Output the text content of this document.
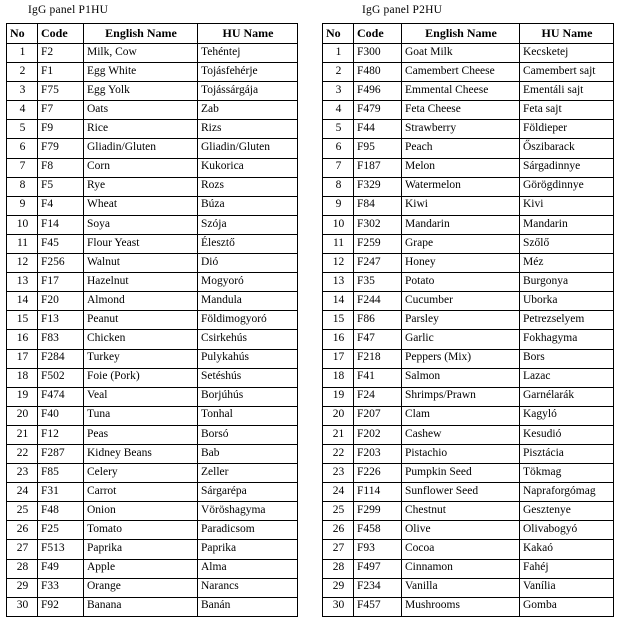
IgG panel P1HU
No	Code	English Name	HU Name
1	F2	Milk, Cow	Tehéntej
2	F1	Egg White	Tojásfehérje
3	F75	Egg Yolk	Tojássárgája
4	F7	Oats	Zab
5	F9	Rice	Rizs
6	F79	Gliadin/Gluten	Gliadin/Gluten
7	F8	Corn	Kukorica
8	F5	Rye	Rozs
9	F4	Wheat	Búza
10	F14	Soya	Szója
11	F45	Flour Yeast	Élesztő
12	F256	Walnut	Dió
13	F17	Hazelnut	Mogyoró
14	F20	Almond	Mandula
15	F13	Peanut	Földimogyoró
16	F83	Chicken	Csirkehús
17	F284	Turkey	Pulykahús
18	F502	Foie (Pork)	Setéshús
19	F474	Veal	Borjúhús
20	F40	Tuna	Tonhal
21	F12	Peas	Borsó
22	F287	Kidney Beans	Bab
23	F85	Celery	Zeller
24	F31	Carrot	Sárgarépa
25	F48	Onion	Vöröshagyma
26	F25	Tomato	Paradicsom
27	F513	Paprika	Paprika
28	F49	Apple	Alma
29	F33	Orange	Narancs
30	F92	Banana	Banán
IgG panel P2HU
No	Code	English Name	HU Name
1	F300	Goat Milk	Kecsketej
2	F480	Camembert Cheese	Camembert sajt
3	F496	Emmental Cheese	Ementáli sajt
4	F479	Feta Cheese	Feta sajt
5	F44	Strawberry	Földieper
6	F95	Peach	Őszibarack
7	F187	Melon	Sárgadinnye
8	F329	Watermelon	Görögdinnye
9	F84	Kiwi	Kivi
10	F302	Mandarin	Mandarin
11	F259	Grape	Szőlő
12	F247	Honey	Méz
13	F35	Potato	Burgonya
14	F244	Cucumber	Uborka
15	F86	Parsley	Petrezselyem
16	F47	Garlic	Fokhagyma
17	F218	Peppers (Mix)	Bors
18	F41	Salmon	Lazac
19	F24	Shrimps/Prawn	Garnélarák
20	F207	Clam	Kagyló
21	F202	Cashew	Kesudió
22	F203	Pistachio	Pisztácia
23	F226	Pumpkin Seed	Tökmag
24	F114	Sunflower Seed	Napraforgómag
25	F299	Chestnut	Gesztenye
26	F458	Olive	Olivabogyó
27	F93	Cocoa	Kakaó
28	F497	Cinnamon	Fahéj
29	F234	Vanilla	Vanília
30	F457	Mushrooms	Gomba
